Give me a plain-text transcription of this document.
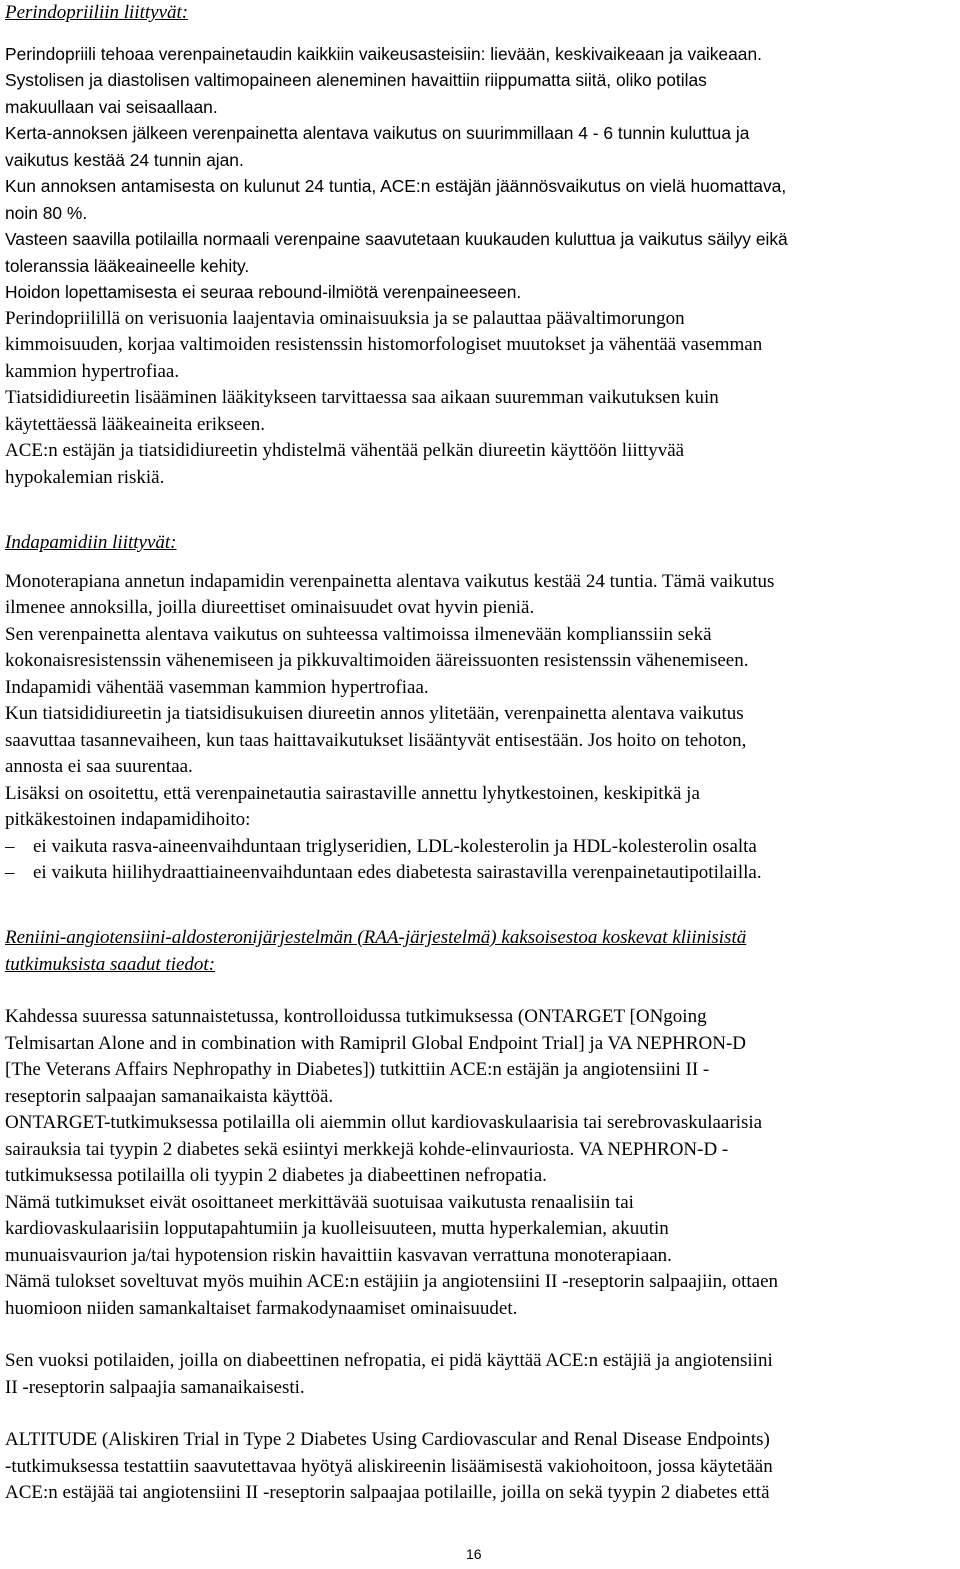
Perindopriiliin liittyvät:

Perindopriili tehoaa verenpainetaudin kaikkiin vaikeusasteisiin: lievään, keskivaikeaan ja vaikeaan.
Systolisen ja diastolisen valtimopaineen aleneminen havaittiin riippumatta siitä, oliko potilas
makuullaan vai seisaallaan.
Kerta-annoksen jälkeen verenpainetta alentava vaikutus on suurimmillaan 4 - 6 tunnin kuluttua ja
vaikutus kestää 24 tunnin ajan.
Kun annoksen antamisesta on kulunut 24 tuntia, ACE:n estäjän jäännösvaikutus on vielä huomattava,
noin 80 %.
Vasteen saavilla potilailla normaali verenpaine saavutetaan kuukauden kuluttua ja vaikutus säilyy eikä
toleranssia lääkeaineelle kehity.
Hoidon lopettamisesta ei seuraa rebound-ilmiötä verenpaineeseen.
Perindopriilillä on verisuonia laajentavia ominaisuuksia ja se palauttaa päävaltimorungon
kimmoisuuden, korjaa valtimoiden resistenssin histomorfologiset muutokset ja vähentää vasemman
kammion hypertrofiaa.
Tiatsididiureetin lisääminen lääkitykseen tarvittaessa saa aikaan suuremman vaikutuksen kuin
käytettäessä lääkeaineita erikseen.
ACE:n estäjän ja tiatsididiureetin yhdistelmä vähentää pelkän diureetin käyttöön liittyvää
hypokalemian riskiä.

Indapamidiin liittyvät:

Monoterapiana annetun indapamidin verenpainetta alentava vaikutus kestää 24 tuntia. Tämä vaikutus
ilmenee annoksilla, joilla diureettiset ominaisuudet ovat hyvin pieniä.
Sen verenpainetta alentava vaikutus on suhteessa valtimoissa ilmenevään komplianssiin sekä
kokonaisresistenssin vähenemiseen ja pikkuvaltimoiden ääreissuonten resistenssin vähenemiseen.
Indapamidi vähentää vasemman kammion hypertrofiaa.
Kun tiatsididiureetin ja tiatsidisukuisen diureetin annos ylitetään, verenpainetta alentava vaikutus
saavuttaa tasannevaiheen, kun taas haittavaikutukset lisääntyvät entisestään. Jos hoito on tehoton,
annosta ei saa suurentaa.
Lisäksi on osoitettu, että verenpainetautia sairastaville annettu lyhytkestoinen, keskipitkä ja
pitkäkestoinen indapamidihoito:
– ei vaikuta rasva-aineenvaihduntaan triglyseridien, LDL-kolesterolin ja HDL-kolesterolin osalta
– ei vaikuta hiilihydraattiaineenvaihduntaan edes diabetesta sairastavilla verenpainetautipotilailla.

Reniini-angiotensiini-aldosteronijärjestelmän (RAA-järjestelmä) kaksoisestoa koskevat kliinisistä
tutkimuksista saadut tiedot:

Kahdessa suuressa satunnaistetussa, kontrolloidussa tutkimuksessa (ONTARGET [ONgoing
Telmisartan Alone and in combination with Ramipril Global Endpoint Trial] ja VA NEPHRON-D
[The Veterans Affairs Nephropathy in Diabetes]) tutkittiin ACE:n estäjän ja angiotensiini II -
reseptorin salpaajan samanaikaista käyttöä.
ONTARGET-tutkimuksessa potilailla oli aiemmin ollut kardiovaskulaarisia tai serebrovaskulaarisia
sairauksia tai tyypin 2 diabetes sekä esiintyi merkkejä kohde-elinvauriosta. VA NEPHRON-D -
tutkimuksessa potilailla oli tyypin 2 diabetes ja diabeettinen nefropatia.
Nämä tutkimukset eivät osoittaneet merkittävää suotuisaa vaikutusta renaalisiin tai
kardiovaskulaarisiin lopputapahtumiin ja kuolleisuuteen, mutta hyperkalemian, akuutin
munuaisvaurion ja/tai hypotension riskin havaittiin kasvavan verrattuna monoterapiaan.
Nämä tulokset soveltuvat myös muihin ACE:n estäjiin ja angiotensiini II -reseptorin salpaajiin, ottaen
huomioon niiden samankaltaiset farmakodynaamiset ominaisuudet.
Sen vuoksi potilaiden, joilla on diabeettinen nefropatia, ei pidä käyttää ACE:n estäjiä ja angiotensiini
II -reseptorin salpaajia samanaikaisesti.
ALTITUDE (Aliskiren Trial in Type 2 Diabetes Using Cardiovascular and Renal Disease Endpoints)
-tutkimuksessa testattiin saavutettavaa hyötyä aliskireenin lisäämisestä vakiohoitoon, jossa käytetään
ACE:n estäjää tai angiotensiini II -reseptorin salpaajaa potilaille, joilla on sekä tyypin 2 diabetes että
16
